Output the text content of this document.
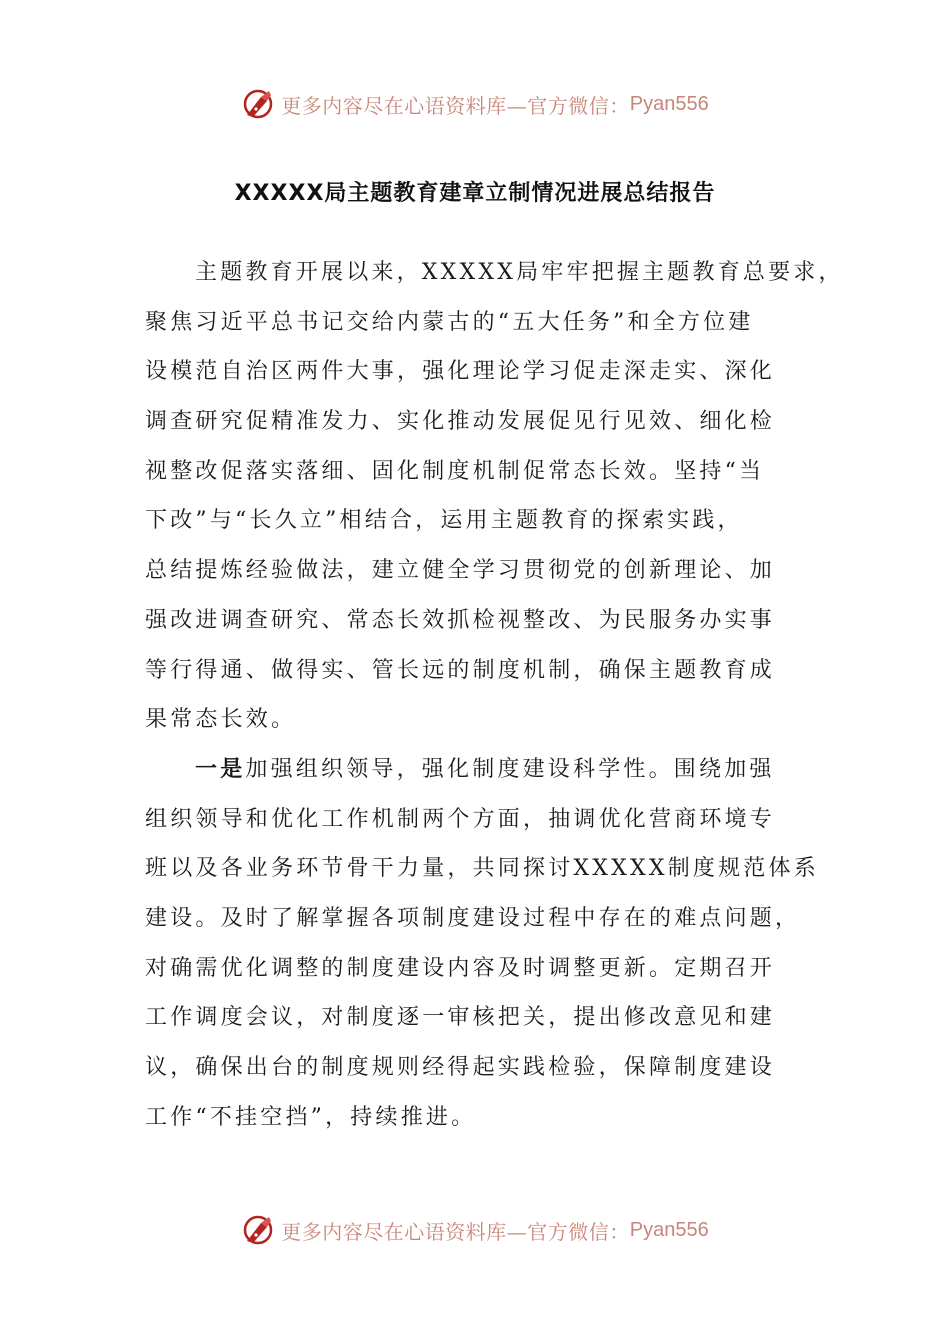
更多内容尽在心语资料库—官方微信： Pyan556
XXXXX局主题教育建章立制情况进展总结报告
主题教育开展以来，XXXXX局牢牢把握主题教育总要求，
聚焦习近平总书记交给内蒙古的“五大任务”和全方位建
设模范自治区两件大事，强化理论学习促走深走实、深化
调查研究促精准发力、实化推动发展促见行见效、细化检
视整改促落实落细、固化制度机制促常态长效。坚持“当
下改”与“长久立”相结合，运用主题教育的探索实践，
总结提炼经验做法，建立健全学习贯彻党的创新理论、加
强改进调查研究、常态长效抓检视整改、为民服务办实事
等行得通、做得实、管长远的制度机制，确保主题教育成
果常态长效。
一是加强组织领导，强化制度建设科学性。围绕加强
组织领导和优化工作机制两个方面，抽调优化营商环境专
班以及各业务环节骨干力量，共同探讨XXXXX制度规范体系
建设。及时了解掌握各项制度建设过程中存在的难点问题，
对确需优化调整的制度建设内容及时调整更新。定期召开
工作调度会议，对制度逐一审核把关，提出修改意见和建
议，确保出台的制度规则经得起实践检验，保障制度建设
工作“不挂空挡”，持续推进。
更多内容尽在心语资料库—官方微信： Pyan556
